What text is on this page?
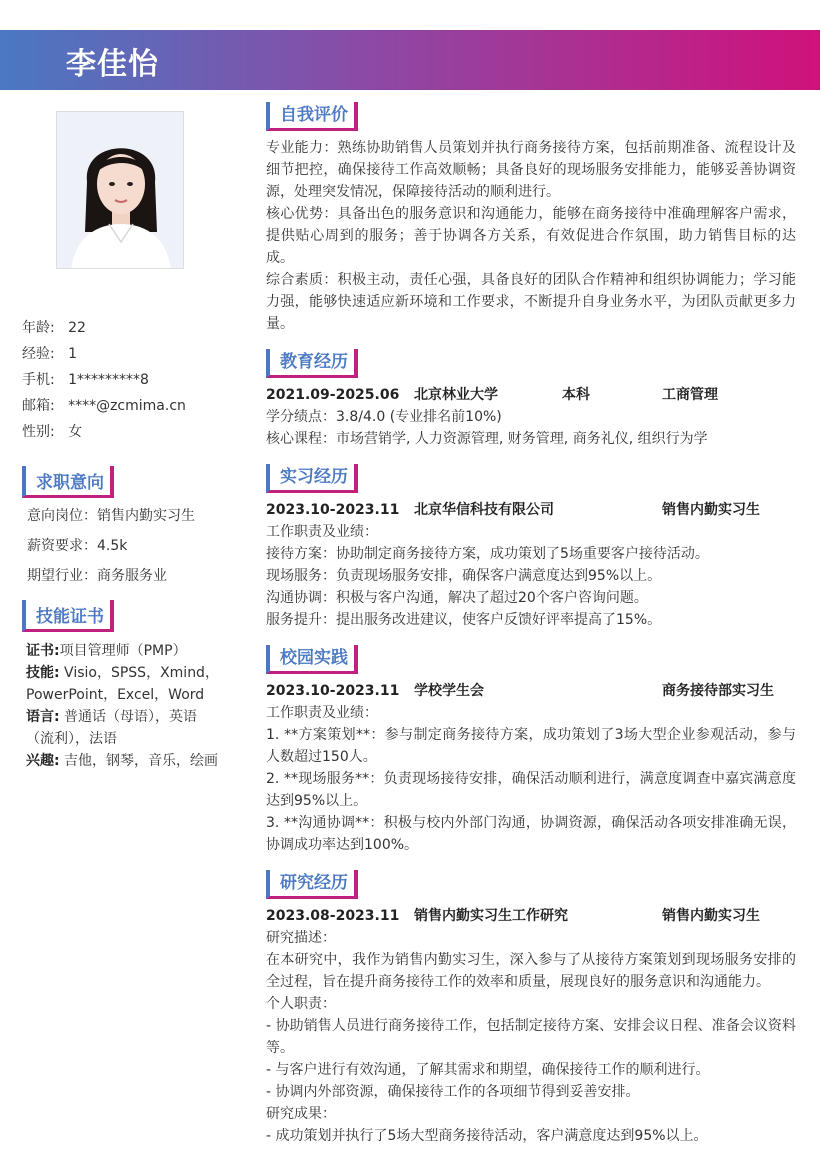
李佳怡
年龄: 22
经验: 1
手机: 1*********8
邮箱: ****@zcmima.cn
性别: 女
求职意向
意向岗位：销售内勤实习生
薪资要求：4.5k
期望行业：商务服务业
技能证书
证书:项目管理师（PMP）
技能: Visio，SPSS，Xmind，PowerPoint，Excel，Word
语言: 普通话（母语），英语（流利），法语
兴趣: 吉他，钢琴，音乐，绘画
自我评价

专业能力：熟练协助销售人员策划并执行商务接待方案，包括前期准备、流程设计及细节把控，确保接待工作高效顺畅；具备良好的现场服务安排能力，能够妥善协调资源，处理突发情况，保障接待活动的顺利进行。

核心优势：具备出色的服务意识和沟通能力，能够在商务接待中准确理解客户需求，提供贴心周到的服务；善于协调各方关系，有效促进合作氛围，助力销售目标的达成。

综合素质：积极主动，责任心强，具备良好的团队合作精神和组织协调能力；学习能力强，能够快速适应新环境和工作要求，不断提升自身业务水平，为团队贡献更多力量。

教育经历
2021.09-2025.06	北京林业大学	本科	工商管理

学分绩点：3.8/4.0 (专业排名前10%)

核心课程：市场营销学, 人力资源管理, 财务管理, 商务礼仪, 组织行为学

实习经历
2023.10-2023.11	北京华信科技有限公司	销售内勤实习生

工作职责及业绩：

接待方案：协助制定商务接待方案，成功策划了5场重要客户接待活动。

现场服务：负责现场服务安排，确保客户满意度达到95%以上。

沟通协调：积极与客户沟通，解决了超过20个客户咨询问题。

服务提升：提出服务改进建议，使客户反馈好评率提高了15%。

校园实践
2023.10-2023.11	学校学生会	商务接待部实习生

工作职责及业绩：

1. **方案策划**：参与制定商务接待方案，成功策划了3场大型企业参观活动，参与人数超过150人。

2. **现场服务**：负责现场接待安排，确保活动顺利进行，满意度调查中嘉宾满意度达到95%以上。

3. **沟通协调**：积极与校内外部门沟通，协调资源，确保活动各项安排准确无误，协调成功率达到100%。

研究经历
2023.08-2023.11	销售内勤实习生工作研究	销售内勤实习生

研究描述：

在本研究中，我作为销售内勤实习生，深入参与了从接待方案策划到现场服务安排的全过程，旨在提升商务接待工作的效率和质量，展现良好的服务意识和沟通能力。

个人职责：

- 协助销售人员进行商务接待工作，包括制定接待方案、安排会议日程、准备会议资料等。

- 与客户进行有效沟通，了解其需求和期望，确保接待工作的顺利进行。

- 协调内外部资源，确保接待工作的各项细节得到妥善安排。

研究成果：

- 成功策划并执行了5场大型商务接待活动，客户满意度达到95%以上。
